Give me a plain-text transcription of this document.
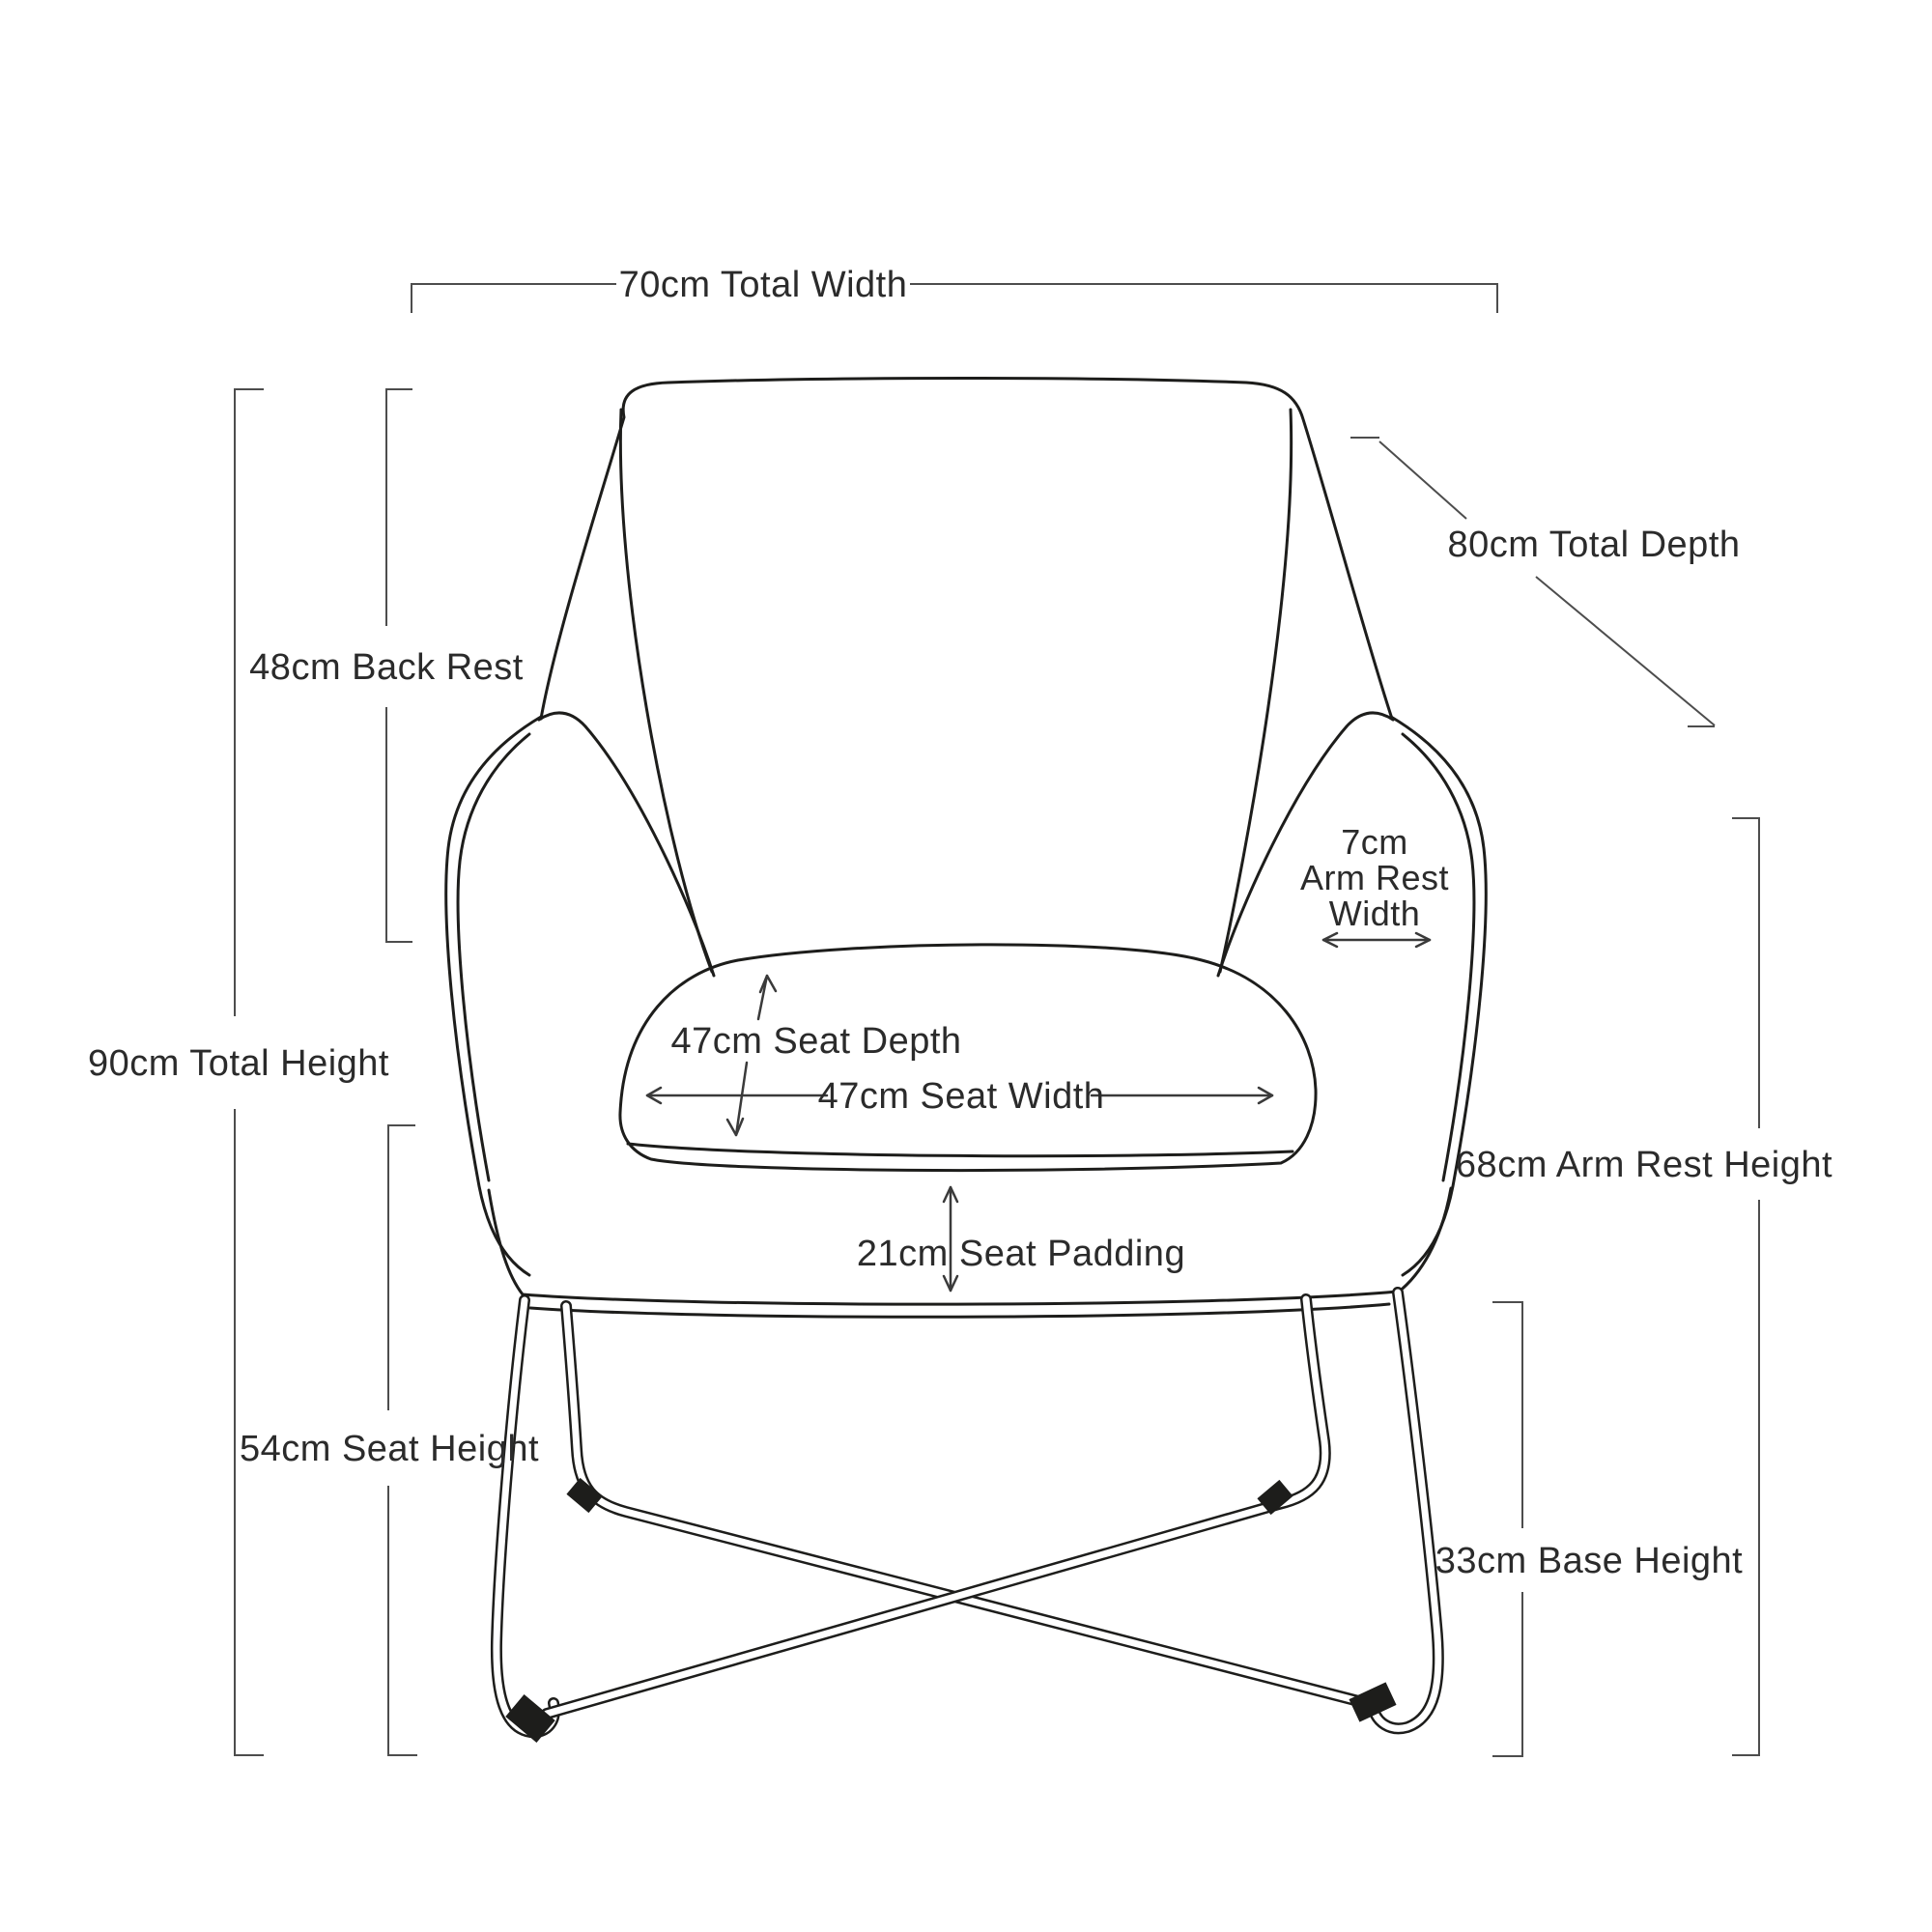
70cm Total Width
80cm Total Depth
48cm Back Rest
90cm Total Height
54cm Seat Height
7cm
Arm Rest
Width
47cm Seat Depth
47cm Seat Width
21cm Seat Padding
68cm Arm Rest Height
33cm Base Height
